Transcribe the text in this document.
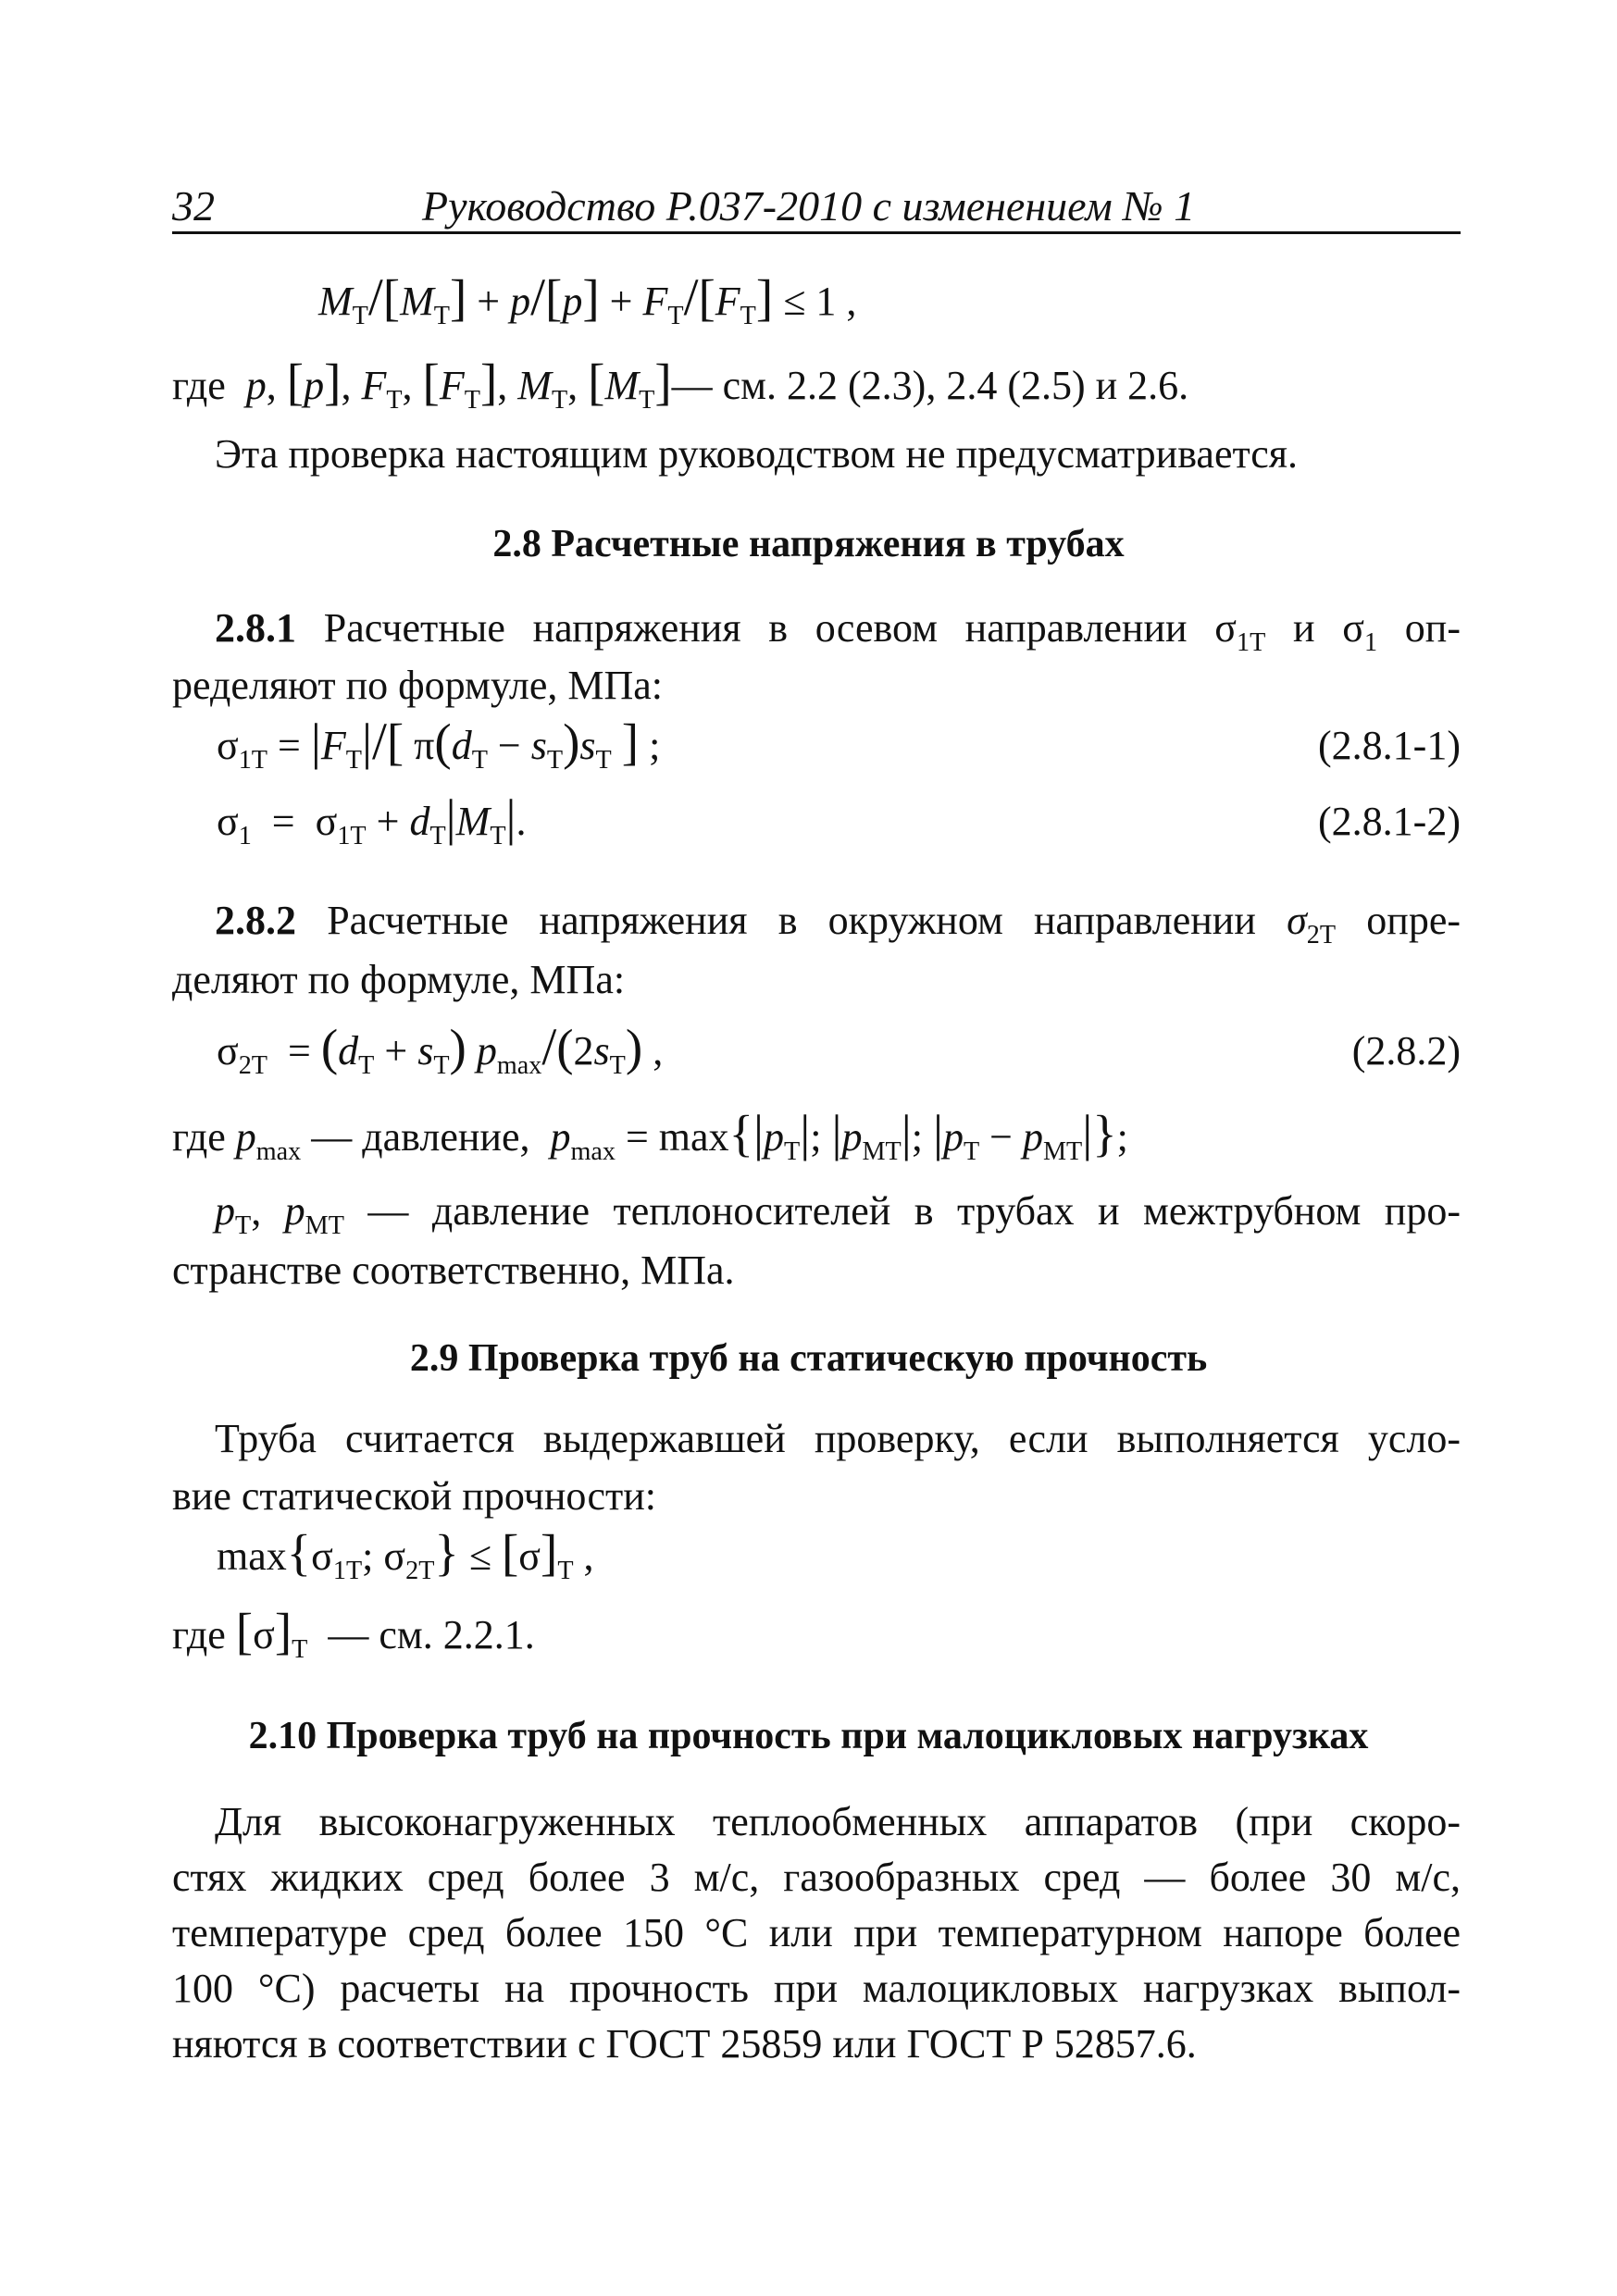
32	Руководство Р.037-2010 с изменением № 1
$M_Т/[M_Т] + p/[p] + F_Т/[F_Т] \le 1$ ,
где p, [p], $F_Т$, $[F_Т]$, $M_Т$, $[M_Т]—$ см. 2.2 (2.3), 2.4 (2.5) и 2.6.
Эта проверка настоящим руководством не предусматривается.
2.8 Расчетные напряжения в трубах
2.8.1 Расчетные напряжения в осевом направлении $\sigma_{1Т}$ и $\sigma_1$ оп-
ределяют по формуле, МПа:
$\sigma_{1Т} = |F_Т|/$[ $\pi(d_Т - s_Т)s_Т$ ] ;	(2.8.1-1)
$\sigma_1 = \sigma_{1Т} + d_Т|M_Т|$.	(2.8.1-2)
2.8.2 Расчетные напряжения в окружном направлении $\sigma_{2Т}$ опре-
деляют по формуле, МПа:
$\sigma_{2Т} = (d_Т + s_Т)$ $p_{max}/(2s_Т)$ ,	(2.8.2)
где $p_{max}$ — давление, $p_{max} = \max\{|p_Т|$; $|p_{МТ}|$; $|p_Т - p_{МТ}|$};
$p_Т$, $p_{МТ}$ — давление теплоносителей в трубах и межтрубном про-
странстве соответственно, МПа.
2.9 Проверка труб на статическую прочность
Труба считается выдержавшей проверку, если выполняется усло-
вие статической прочности:
$\max\{\sigma_{1Т}$; $\sigma_{2Т}\} \le [\sigma]_Т$ ,
где $[\sigma]_Т$ — см. 2.2.1.
2.10 Проверка труб на прочность при малоцикловых нагрузках
Для высоконагруженных теплообменных аппаратов (при скоро-
стях жидких сред более 3 м/с, газообразных сред — более 30 м/с,
температуре сред более 150 °С или при температурном напоре более
100 °С) расчеты на прочность при малоцикловых нагрузках выпол-
няются в соответствии с ГОСТ 25859 или ГОСТ Р 52857.6.
